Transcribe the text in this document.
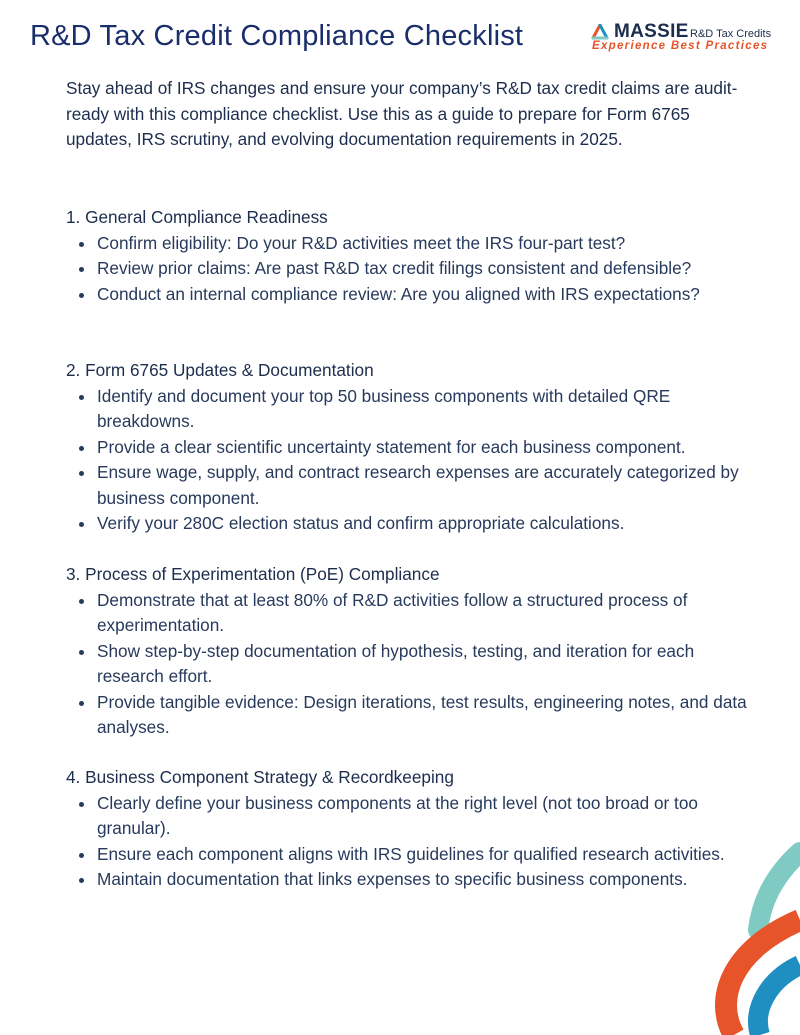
R&D Tax Credit Compliance Checklist	MASSIE R&D Tax Credits
Experience Best Practices

Stay ahead of IRS changes and ensure your company’s R&D tax credit claims are audit-ready with this compliance checklist. Use this as a guide to prepare for Form 6765 updates, IRS scrutiny, and evolving documentation requirements in 2025.

1. General Compliance Readiness
Confirm eligibility: Do your R&D activities meet the IRS four-part test?
Review prior claims: Are past R&D tax credit filings consistent and defensible?
Conduct an internal compliance review: Are you aligned with IRS expectations?
2. Form 6765 Updates & Documentation
Identify and document your top 50 business components with detailed QRE breakdowns.
Provide a clear scientific uncertainty statement for each business component.
Ensure wage, supply, and contract research expenses are accurately categorized by business component.
Verify your 280C election status and confirm appropriate calculations.
3. Process of Experimentation (PoE) Compliance
Demonstrate that at least 80% of R&D activities follow a structured process of experimentation.
Show step-by-step documentation of hypothesis, testing, and iteration for each research effort.
Provide tangible evidence: Design iterations, test results, engineering notes, and data analyses.
4. Business Component Strategy & Recordkeeping
Clearly define your business components at the right level (not too broad or too granular).
Ensure each component aligns with IRS guidelines for qualified research activities.
Maintain documentation that links expenses to specific business components.
